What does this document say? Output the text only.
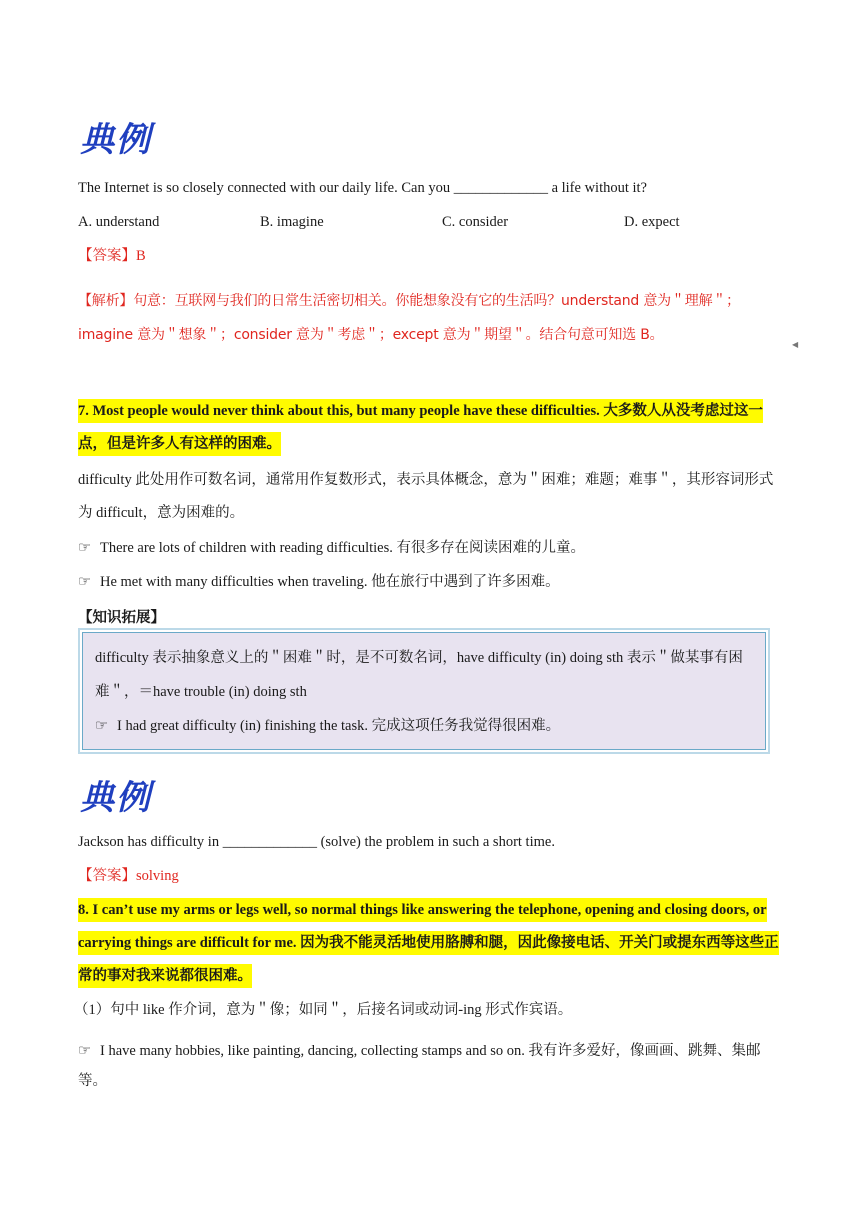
典例
The Internet is so closely connected with our daily life. Can you _____________ a life without it?
A. understand	B. imagine	C. consider	D. expect
【答案】B
【解析】句意：互联网与我们的日常生活密切相关。你能想象没有它的生活吗？understand 意为＂理解＂；imagine 意为＂想象＂；consider 意为＂考虑＂；except 意为＂期望＂。结合句意可知选 B。
7. Most people would never think about this, but many people have these difficulties. 大多数人从没考虑过这一点，但是许多人有这样的困难。
difficulty 此处用作可数名词，通常用作复数形式，表示具体概念，意为＂困难；难题；难事＂，其形容词形式为 difficult，意为困难的。
☞ There are lots of children with reading difficulties. 有很多存在阅读困难的儿童。
☞ He met with many difficulties when traveling. 他在旅行中遇到了许多困难。
【知识拓展】
difficulty 表示抽象意义上的＂困难＂时，是不可数名词，have difficulty (in) doing sth 表示＂做某事有困难＂，＝have trouble (in) doing sth
☞ I had great difficulty (in) finishing the task. 完成这项任务我觉得很困难。
典例
Jackson has difficulty in _____________ (solve) the problem in such a short time.
【答案】solving
8. I can’t use my arms or legs well, so normal things like answering the telephone, opening and closing doors, or carrying things are difficult for me. 因为我不能灵活地使用胳膊和腿，因此像接电话、开关门或提东西等这些正常的事对我来说都很困难。
（1）句中 like 作介词，意为＂像；如同＂，后接名词或动词-ing 形式作宾语。
☞ I have many hobbies, like painting, dancing, collecting stamps and so on. 我有许多爱好，像画画、跳舞、集邮等。
◀
